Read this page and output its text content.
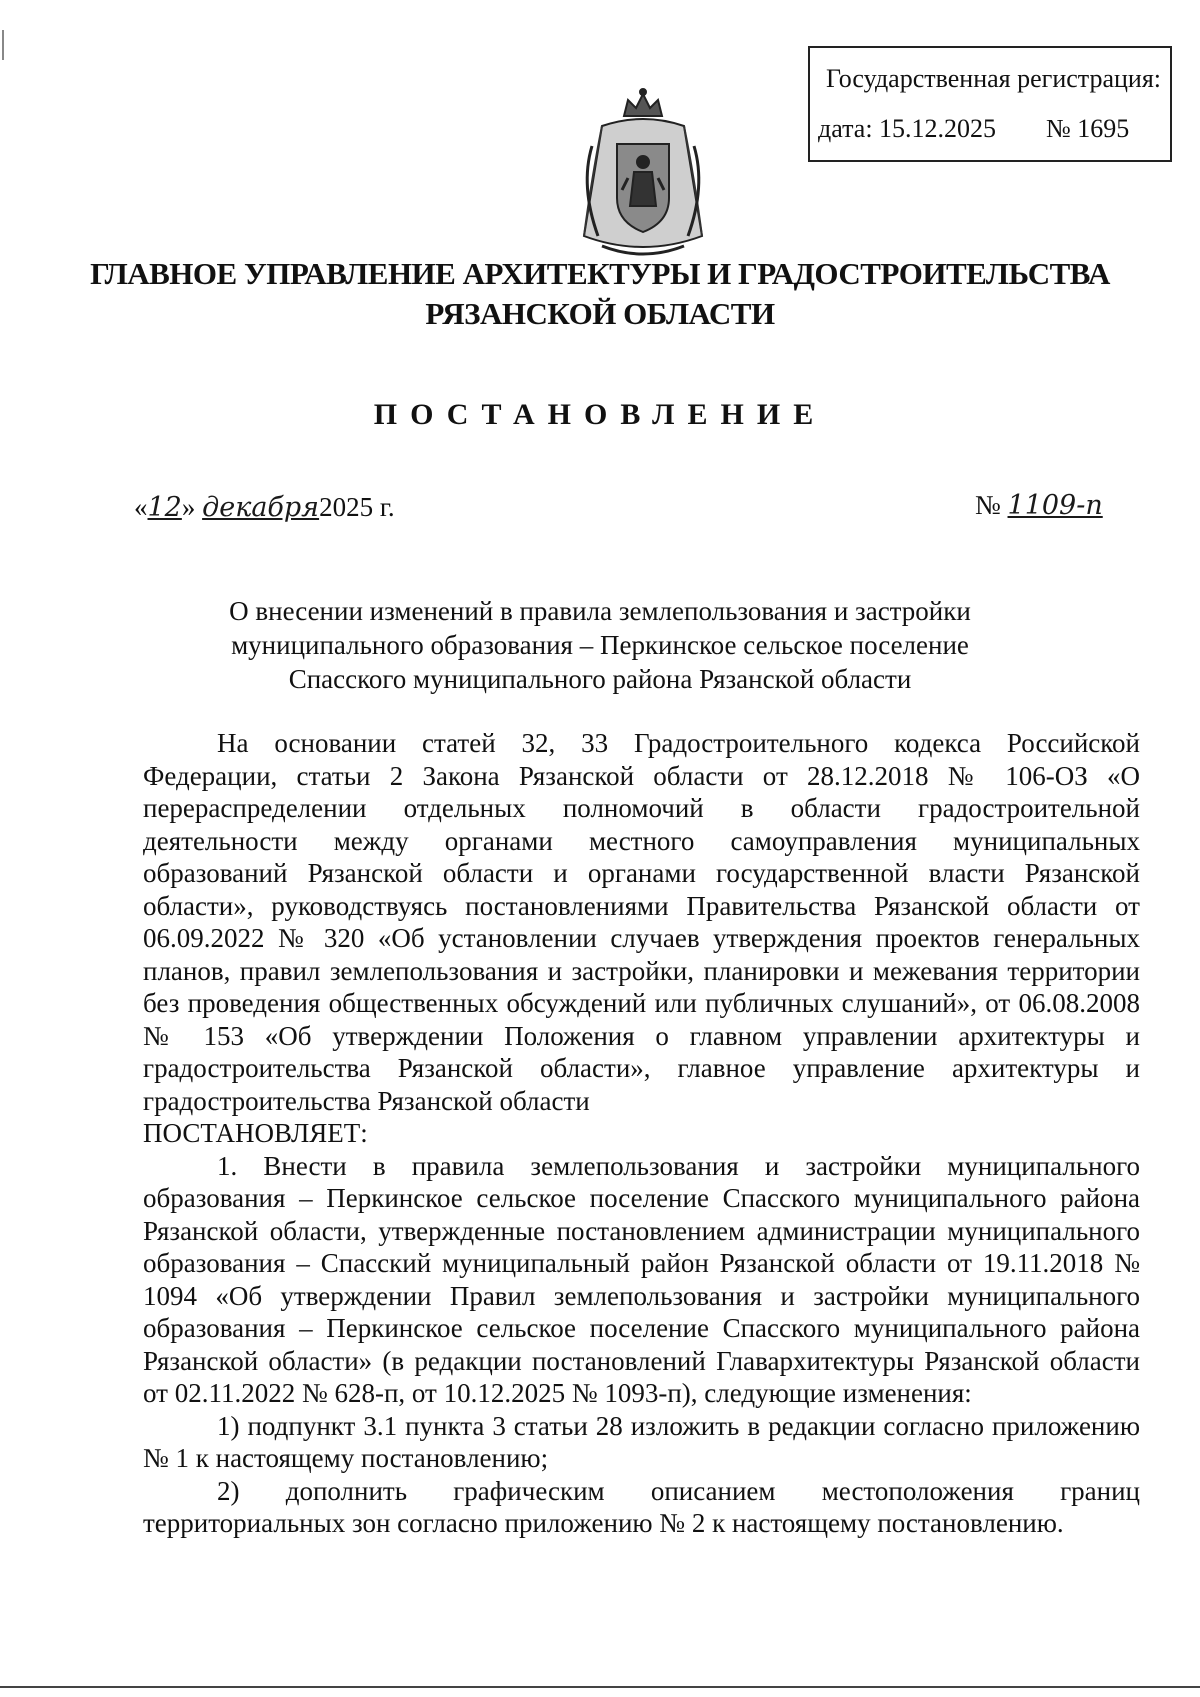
Государственная регистрация:
дата: 15.12.2025 № 1695
ГЛАВНОЕ УПРАВЛЕНИЕ АРХИТЕКТУРЫ И ГРАДОСТРОИТЕЛЬСТВА
РЯЗАНСКОЙ ОБЛАСТИ
ПОСТАНОВЛЕНИЕ
«12» декабря2025 г.	№ 1109-п
О внесении изменений в правила землепользования и застройки
муниципального образования – Перкинское сельское поселение
Спасского муниципального района Рязанской области

На основании статей 32, 33 Градостроительного кодекса Российской Федерации, статьи 2 Закона Рязанской области от 28.12.2018 № 106-ОЗ «О перераспределении отдельных полномочий в области градостроительной деятельности между органами местного самоуправления муниципальных образований Рязанской области и органами государственной власти Рязанской области», руководствуясь постановлениями Правительства Рязанской области от 06.09.2022 № 320 «Об установлении случаев утверждения проектов генеральных планов, правил землепользования и застройки, планировки и межевания территории без проведения общественных обсуждений или публичных слушаний», от 06.08.2008 № 153 «Об утверждении Положения о главном управлении архитектуры и градостроительства Рязанской области», главное управление архитектуры и градостроительства Рязанской области

ПОСТАНОВЛЯЕТ:

1. Внести в правила землепользования и застройки муниципального образования – Перкинское сельское поселение Спасского муниципального района Рязанской области, утвержденные постановлением администрации муниципального образования – Спасский муниципальный район Рязанской области от 19.11.2018 № 1094 «Об утверждении Правил землепользования и застройки муниципального образования – Перкинское сельское поселение Спасского муниципального района Рязанской области» (в редакции постановлений Главархитектуры Рязанской области от 02.11.2022 № 628-п, от 10.12.2025 № 1093-п), следующие изменения:

1) подпункт 3.1 пункта 3 статьи 28 изложить в редакции согласно приложению № 1 к настоящему постановлению;

2) дополнить графическим описанием местоположения границ территориальных зон согласно приложению № 2 к настоящему постановлению.
